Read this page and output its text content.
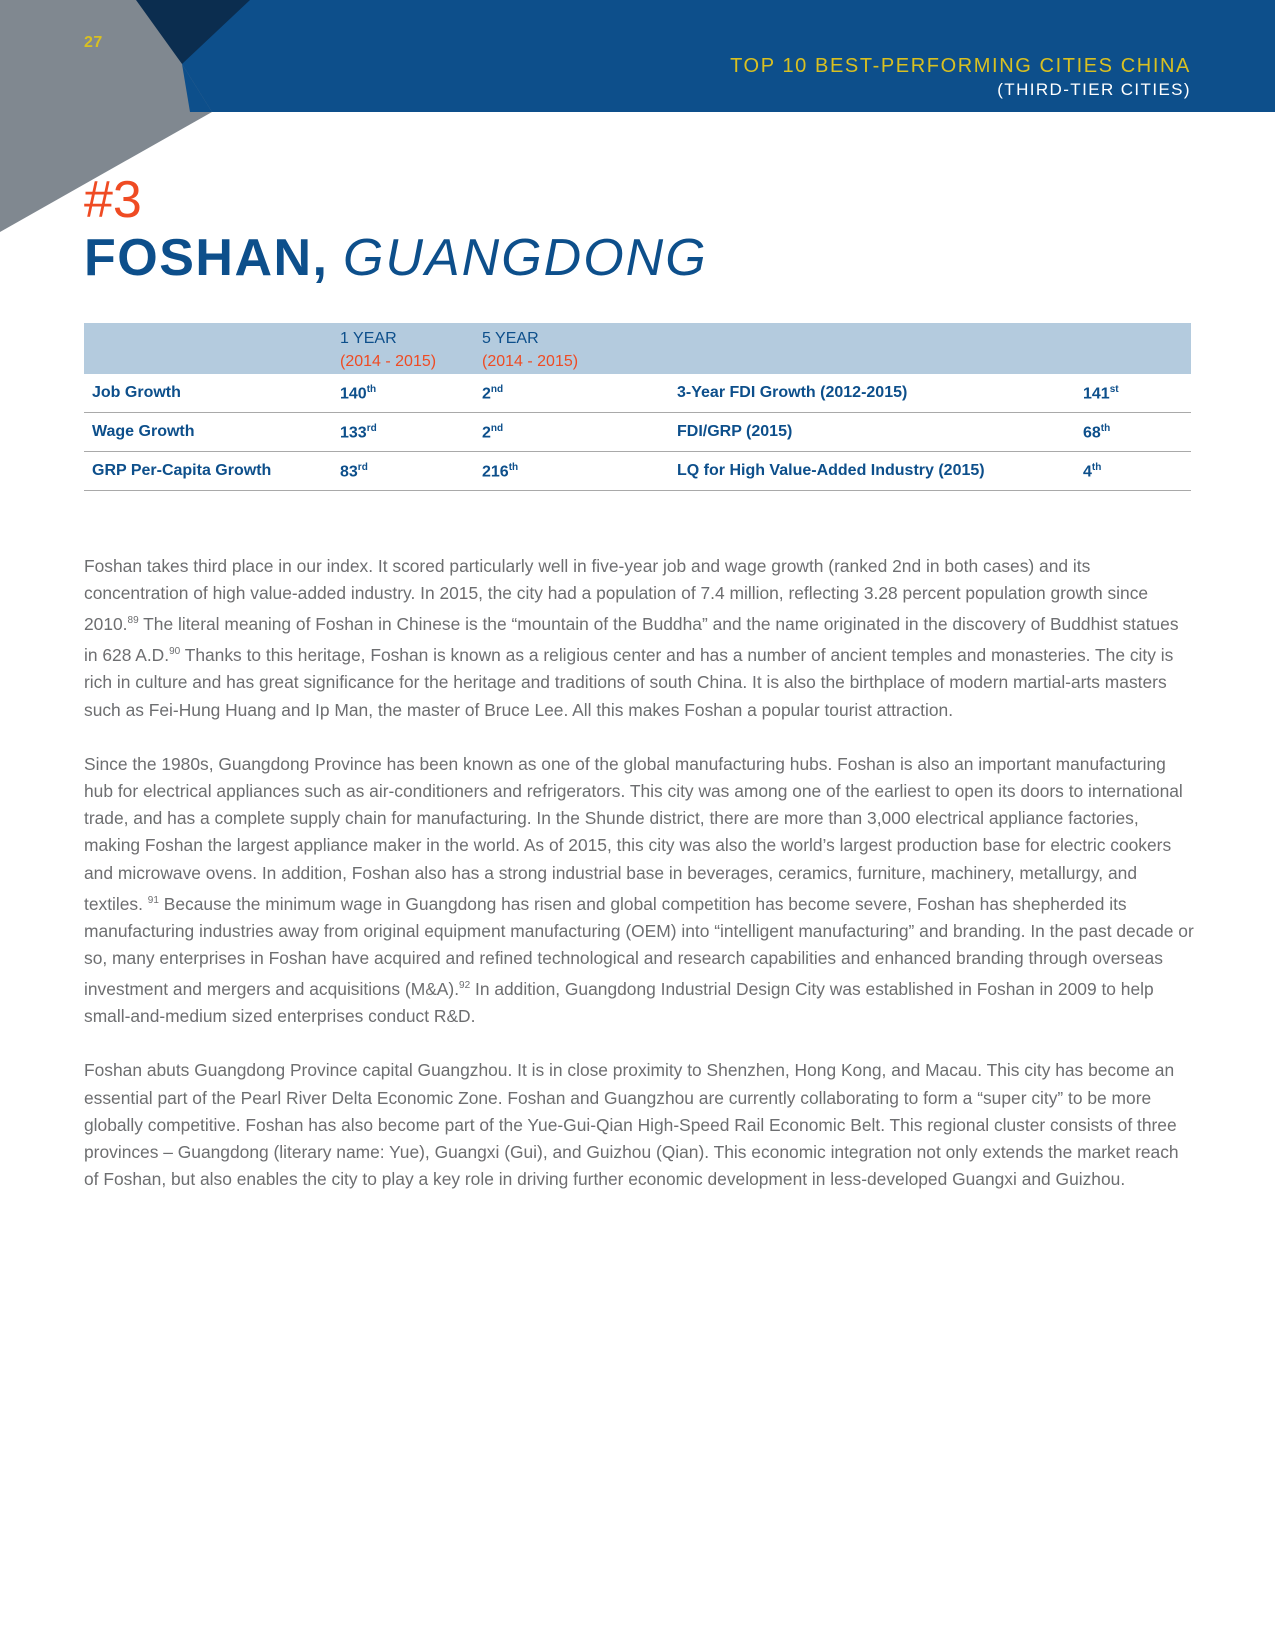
27
TOP 10 BEST-PERFORMING CITIES CHINA
(THIRD-TIER CITIES)
#3
FOSHAN, GUANGDONG
1 YEAR
(2014 - 2015)
5 YEAR
(2014 - 2015)
Job Growth	140th	2nd	3-Year FDI Growth (2012-2015)	141st
Wage Growth	133rd	2nd	FDI/GRP (2015)	68th
GRP Per-Capita Growth	83rd	216th	LQ for High Value-Added Industry (2015)	4th

Foshan takes third place in our index. It scored particularly well in five-year job and wage growth (ranked 2nd in both cases) and its concentration of high value-added industry. In 2015, the city had a population of 7.4 million, reflecting 3.28 percent population growth since 2010.89 The literal meaning of Foshan in Chinese is the “mountain of the Buddha” and the name originated in the discovery of Buddhist statues in 628 A.D.$^{90}$ Thanks to this heritage, Foshan is known as a religious center and has a number of ancient temples and monasteries. The city is rich in culture and has great significance for the heritage and traditions of south China. It is also the birthplace of modern martial-arts masters such as Fei-Hung Huang and Ip Man, the master of Bruce Lee. All this makes Foshan a popular tourist attraction.

Since the 1980s, Guangdong Province has been known as one of the global manufacturing hubs. Foshan is also an important manufacturing hub for electrical appliances such as air-conditioners and refrigerators. This city was among one of the earliest to open its doors to international trade, and has a complete supply chain for manufacturing. In the Shunde district, there are more than 3,000 electrical appliance factories, making Foshan the largest appliance maker in the world. As of 2015, this city was also the world’s largest production base for electric cookers and microwave ovens. In addition, Foshan also has a strong industrial base in beverages, ceramics, furniture, machinery, metallurgy, and textiles. $^{91}$ Because the minimum wage in Guangdong has risen and global competition has become severe, Foshan has shepherded its manufacturing industries away from original equipment manufacturing (OEM) into “intelligent manufacturing” and branding. In the past decade or so, many enterprises in Foshan have acquired and refined technological and research capabilities and enhanced branding through overseas investment and mergers and acquisitions (M&A).$^{92}$ In addition, Guangdong Industrial Design City was established in Foshan in 2009 to help small-and-medium sized enterprises conduct R&D.

Foshan abuts Guangdong Province capital Guangzhou. It is in close proximity to Shenzhen, Hong Kong, and Macau. This city has become an essential part of the Pearl River Delta Economic Zone. Foshan and Guangzhou are currently collaborating to form a “super city” to be more globally competitive. Foshan has also become part of the Yue-Gui-Qian High-Speed Rail Economic Belt. This regional cluster consists of three provinces – Guangdong (literary name: Yue), Guangxi (Gui), and Guizhou (Qian). This economic integration not only extends the market reach of Foshan, but also enables the city to play a key role in driving further economic development in less-developed Guangxi and Guizhou.
